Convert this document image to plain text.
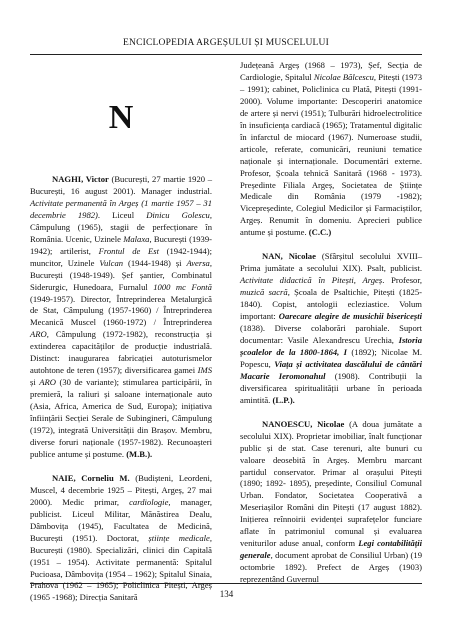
ENCICLOPEDIA ARGEȘULUI ȘI MUSCELULUI
N

NAGHI, Victor (București, 27 martie 1920 – București, 16 august 2001). Manager industrial. Activitate permanentă în Argeș (1 martie 1957 – 31 decembrie 1982). Liceul Dinicu Golescu, Câmpulung (1965), stagii de perfecționare în România. Ucenic, Uzinele Malaxa, București (1939-1942); artilerist, Frontul de Est (1942-1944); muncitor, Uzinele Vulcan (1944-1948) și Aversa, București (1948-1949). Șef șantier, Combinatul Siderurgic, Hunedoara, Furnalul 1000 mc Fontă (1949-1957). Director, Întreprinderea Metalurgică de Stat, Câmpulung (1957-1960) / Întreprinderea Mecanică Muscel (1960-1972) / Întreprinderea ARO, Câmpulung (1972-1982), reconstrucția și extinderea capacităților de producție industrială. Distinct: inaugurarea fabricației autoturismelor autohtone de teren (1957); diversificarea gamei IMS și ARO (30 de variante); stimularea participării, în premieră, la raliuri și saloane internaționale auto (Asia, Africa, America de Sud, Europa); inițiativa înființării Secției Serale de Subingineri, Câmpulung (1972), integrată Universității din Brașov. Membru, diverse foruri naționale (1957-1982). Recunoașteri publice antume și postume. (M.B.).

NAIE, Corneliu M. (Budișteni, Leordeni, Muscel, 4 decembrie 1925 – Pitești, Argeș, 27 mai 2000). Medic primar, cardiologie, manager, publicist. Liceul Militar, Mănăstirea Dealu, Dâmbovița (1945), Facultatea de Medicină, București (1951). Doctorat, științe medicale, București (1980). Specializări, clinici din Capitală (1951 – 1954). Activitate permanentă: Spitalul Pucioasa, Dâmbovița (1954 – 1962); Spitalul Sinaia, Prahova (1962 – 1965); Policlinica Pitești, Argeș (1965 -1968); Direcția Sanitară

Județeană Argeș (1968 – 1973), Șef, Secția de Cardiologie, Spitalul Nicolae Bălcescu, Pitești (1973 – 1991); cabinet, Policlinica cu Plată, Pitești (1991- 2000). Volume importante: Descoperiri anatomice de artere și nervi (1951); Tulburări hidroelectrolitice în insuficiența cardiacă (1965); Tratamentul digitalic în infarctul de miocard (1967). Numeroase studii, articole, referate, comunicări, reuniuni tematice naționale și internaționale. Documentări externe. Profesor, Școala tehnică Sanitară (1968 - 1973). Președinte Filiala Argeș, Societatea de Științe Medicale din România (1979 -1982); Vicepreședinte, Colegiul Medicilor și Farmaciștilor, Argeș. Renumit în domeniu. Aprecieri publice antume și postume. (C.C.)

NAN, Nicolae (Sfârșitul secolului XVIII–Prima jumătate a secolului XIX). Psalt, publicist. Activitate didactică în Pitești, Argeș. Profesor, muzică sacră, Școala de Psaltichie, Pitești (1825-1840). Copist, antologii ecleziastice. Volum important: Oarecare alegire de musichii bisericești (1838). Diverse colaborări parohiale. Suport documentar: Vasile Alexandrescu Urechia, Istoria școalelor de la 1800-1864, I (1892); Nicolae M. Popescu, Viața și activitatea dascălului de cântări Macarie Ieromonahul (1908). Contribuții la diversificarea spiritualității urbane în perioada amintită. (L.P.).

NANOESCU, Nicolae (A doua jumătate a secolului XIX). Proprietar imobiliar, înalt funcționar public și de stat. Case terenuri, alte bunuri cu valoare deosebită în Argeș. Membru marcant partidul conservator. Primar al orașului Pitești (1890; 1892- 1895), președinte, Consiliul Comunal Urban. Fondator, Societatea Cooperativă a Meseriașilor Români din Pitești (17 august 1882). Inițierea reînnoirii evidenței suprafețelor funciare aflate în patrimoniul comunal și evaluarea veniturilor aduse anual, conform Legi contabilității generale, document aprobat de Consiliul Urban) (19 octombrie 1892). Prefect de Argeș (1903) reprezentând Guvernul

134
